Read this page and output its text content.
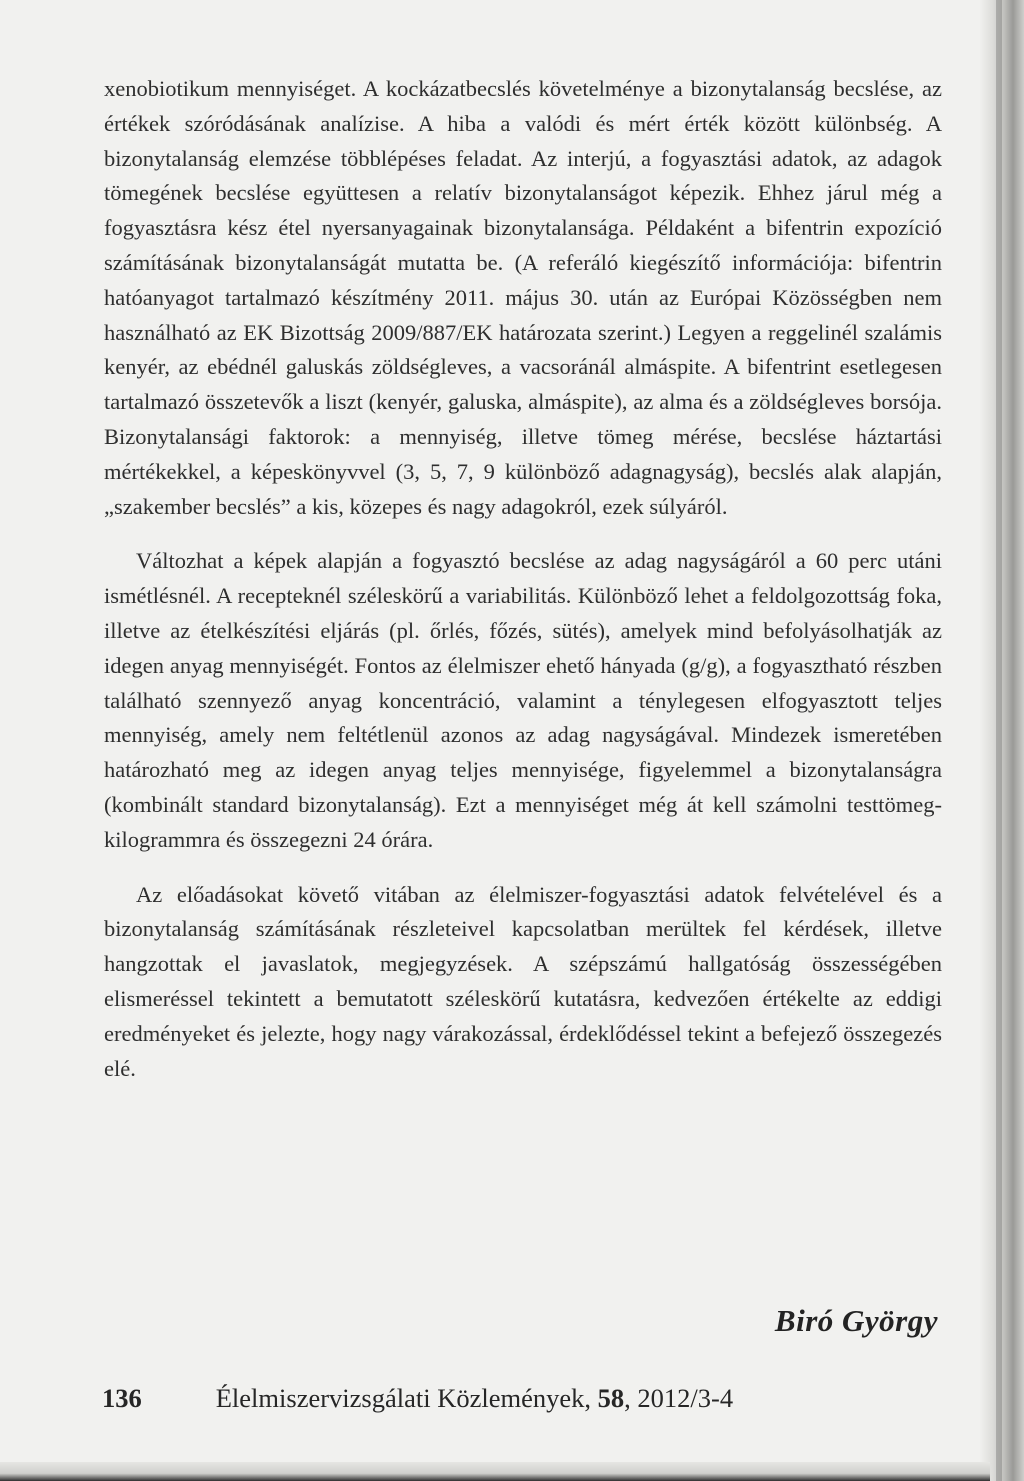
xenobiotikum mennyiséget. A kockázatbecslés követelménye a bizonytalanság becslése, az értékek szóródásának analízise. A hiba a valódi és mért érték között különbség. A bizonytalanság elemzése többlépéses feladat. Az interjú, a fogyasztási adatok, az adagok tömegének becslése együttesen a relatív bizonytalanságot képezik. Ehhez járul még a fogyasztásra kész étel nyersanyagainak bizonytalansága. Példaként a bifentrin expozíció számításának bizonytalanságát mutatta be. (A referáló kiegészítő információja: bifentrin hatóanyagot tartalmazó készítmény 2011. május 30. után az Európai Közösségben nem használható az EK Bizottság 2009/887/EK határozata szerint.) Legyen a reggelinél szalámis kenyér, az ebédnél galuskás zöldségleves, a vacsoránál almáspite. A bifentrint esetlegesen tartalmazó összetevők a liszt (kenyér, galuska, almáspite), az alma és a zöldségleves borsója. Bizonytalansági faktorok: a mennyiség, illetve tömeg mérése, becslése háztartási mértékekkel, a képeskönyvvel (3, 5, 7, 9 különböző adagnagyság), becslés alak alapján, „szakember becslés” a kis, közepes és nagy adagokról, ezek súlyáról.

Változhat a képek alapján a fogyasztó becslése az adag nagyságáról a 60 perc utáni ismétlésnél. A recepteknél széleskörű a variabilitás. Különböző lehet a feldolgozottság foka, illetve az ételkészítési eljárás (pl. őrlés, főzés, sütés), amelyek mind befolyásolhatják az idegen anyag mennyiségét. Fontos az élelmiszer ehető hányada (g/g), a fogyasztható részben található szennyező anyag koncentráció, valamint a ténylegesen elfogyasztott teljes mennyiség, amely nem feltétlenül azonos az adag nagyságával. Mindezek ismeretében határozható meg az idegen anyag teljes mennyisége, figyelemmel a bizonytalanságra (kombinált standard bizonytalanság). Ezt a mennyiséget még át kell számolni testtömeg-kilogrammra és összegezni 24 órára.

Az előadásokat követő vitában az élelmiszer-fogyasztási adatok felvételével és a bizonytalanság számításának részleteivel kapcsolatban merültek fel kérdések, illetve hangzottak el javaslatok, megjegyzések. A szépszámú hallgatóság összességében elismeréssel tekintett a bemutatott széleskörű kutatásra, kedvezően értékelte az eddigi eredményeket és jelezte, hogy nagy várakozással, érdeklődéssel tekint a befejező összegezés elé.

Biró György
136	Élelmiszervizsgálati Közlemények, 58, 2012/3-4
